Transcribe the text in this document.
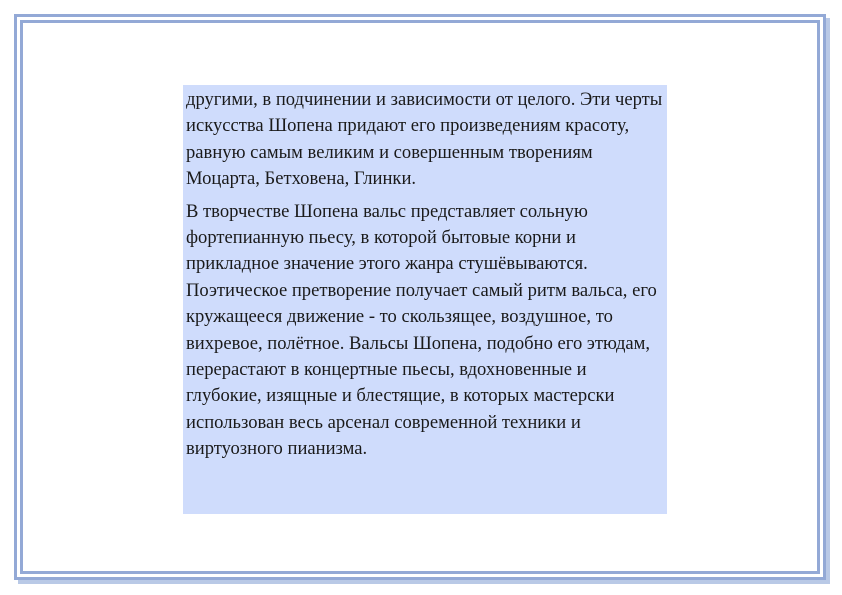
другими, в подчинении и зависимости от целого. Эти черты искусства Шопена придают его произведениям красоту, равную самым великим и совершенным творениям Моцарта, Бетховена, Глинки.

В творчестве Шопена вальс представляет сольную фортепианную пьесу, в которой бытовые корни и прикладное значение этого жанра стушёвываются. Поэтическое претворение получает самый ритм вальса, его кружащееся движение - то скользящее, воздушное, то вихревое, полётное. Вальсы Шопена, подобно его этюдам, перерастают в концертные пьесы, вдохновенные и глубокие, изящные и блестящие, в которых мастерски использован весь арсенал современной техники и виртуозного пианизма.
